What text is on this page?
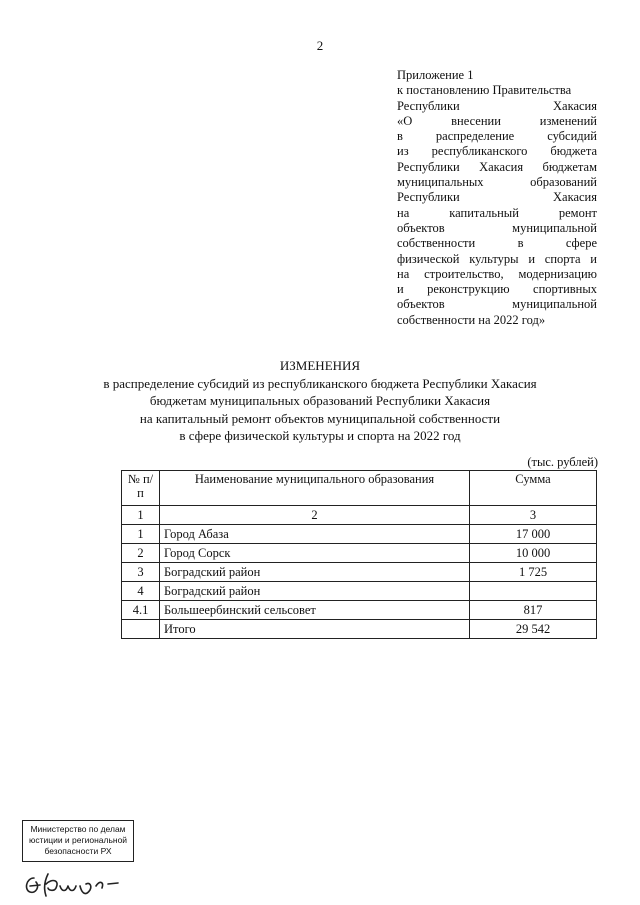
2
Приложение 1
к постановлению Правительства
Республики Хакасия
«О внесении изменений
в распределение субсидий
из республиканского бюджета
Республики Хакасия бюджетам
муниципальных образований
Республики Хакасия
на капитальный ремонт
объектов муниципальной
собственности в сфере
физической культуры и спорта и
на строительство, модернизацию
и реконструкцию спортивных
объектов муниципальной
собственности на 2022 год»
ИЗМЕНЕНИЯ
в распределение субсидий из республиканского бюджета Республики Хакасия
бюджетам муниципальных образований Республики Хакасия
на капитальный ремонт объектов муниципальной собственности
в сфере физической культуры и спорта на 2022 год
(тыс. рублей)
№ п/п	Наименование муниципального образования	Сумма
1	2	3
1	Город Абаза	17 000
2	Город Сорск	10 000
3	Боградский район	1 725
4	Боградский район	
4.1	Большеербинский сельсовет	817
	Итого	29 542
Министерство по делам
юстиции и региональной
безопасности РХ
